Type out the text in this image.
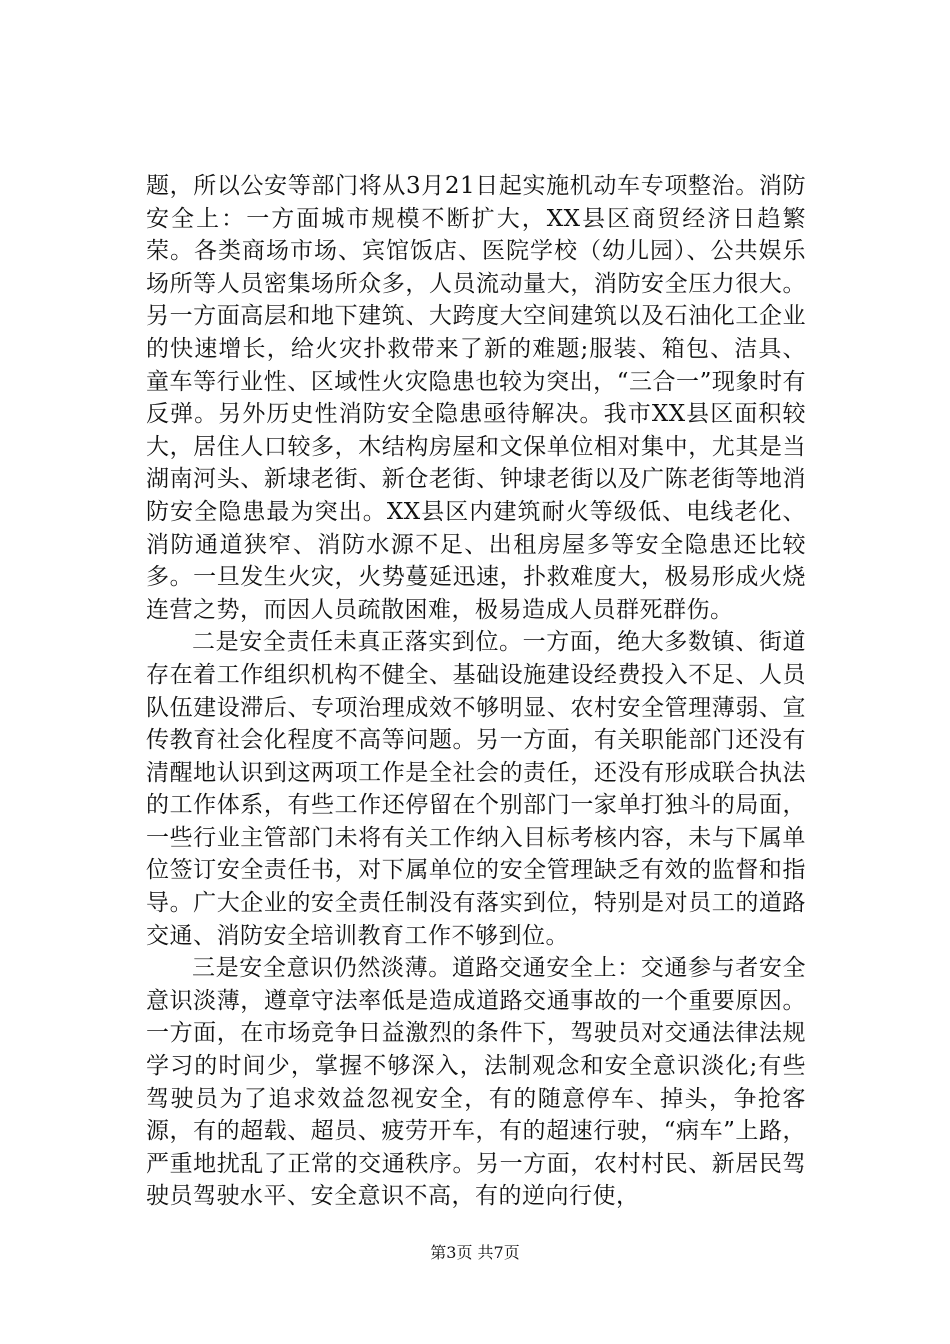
题，所以公安等部门将从3月21日起实施机动车专项整治。消防安全上：一方面城市规模不断扩大，XX县区商贸经济日趋繁荣。各类商场市场、宾馆饭店、医院学校（幼儿园）、公共娱乐场所等人员密集场所众多，人员流动量大，消防安全压力很大。另一方面高层和地下建筑、大跨度大空间建筑以及石油化工企业的快速增长，给火灾扑救带来了新的难题;服装、箱包、洁具、童车等行业性、区域性火灾隐患也较为突出，“三合一”现象时有反弹。另外历史性消防安全隐患亟待解决。我市XX县区面积较大，居住人口较多，木结构房屋和文保单位相对集中，尤其是当湖南河头、新埭老街、新仓老街、钟埭老街以及广陈老街等地消防安全隐患最为突出。XX县区内建筑耐火等级低、电线老化、消防通道狭窄、消防水源不足、出租房屋多等安全隐患还比较多。一旦发生火灾，火势蔓延迅速，扑救难度大，极易形成火烧连营之势，而因人员疏散困难，极易造成人员群死群伤。

二是安全责任未真正落实到位。一方面，绝大多数镇、街道存在着工作组织机构不健全、基础设施建设经费投入不足、人员队伍建设滞后、专项治理成效不够明显、农村安全管理薄弱、宣传教育社会化程度不高等问题。另一方面，有关职能部门还没有清醒地认识到这两项工作是全社会的责任，还没有形成联合执法的工作体系，有些工作还停留在个别部门一家单打独斗的局面，一些行业主管部门未将有关工作纳入目标考核内容，未与下属单位签订安全责任书，对下属单位的安全管理缺乏有效的监督和指导。广大企业的安全责任制没有落实到位，特别是对员工的道路交通、消防安全培训教育工作不够到位。

三是安全意识仍然淡薄。道路交通安全上：交通参与者安全意识淡薄，遵章守法率低是造成道路交通事故的一个重要原因。一方面，在市场竞争日益激烈的条件下，驾驶员对交通法律法规学习的时间少，掌握不够深入，法制观念和安全意识淡化;有些驾驶员为了追求效益忽视安全，有的随意停车、掉头，争抢客源，有的超载、超员、疲劳开车，有的超速行驶，“病车”上路，严重地扰乱了正常的交通秩序。另一方面，农村村民、新居民驾驶员驾驶水平、安全意识不高，有的逆向行使，

第3页 共7页
